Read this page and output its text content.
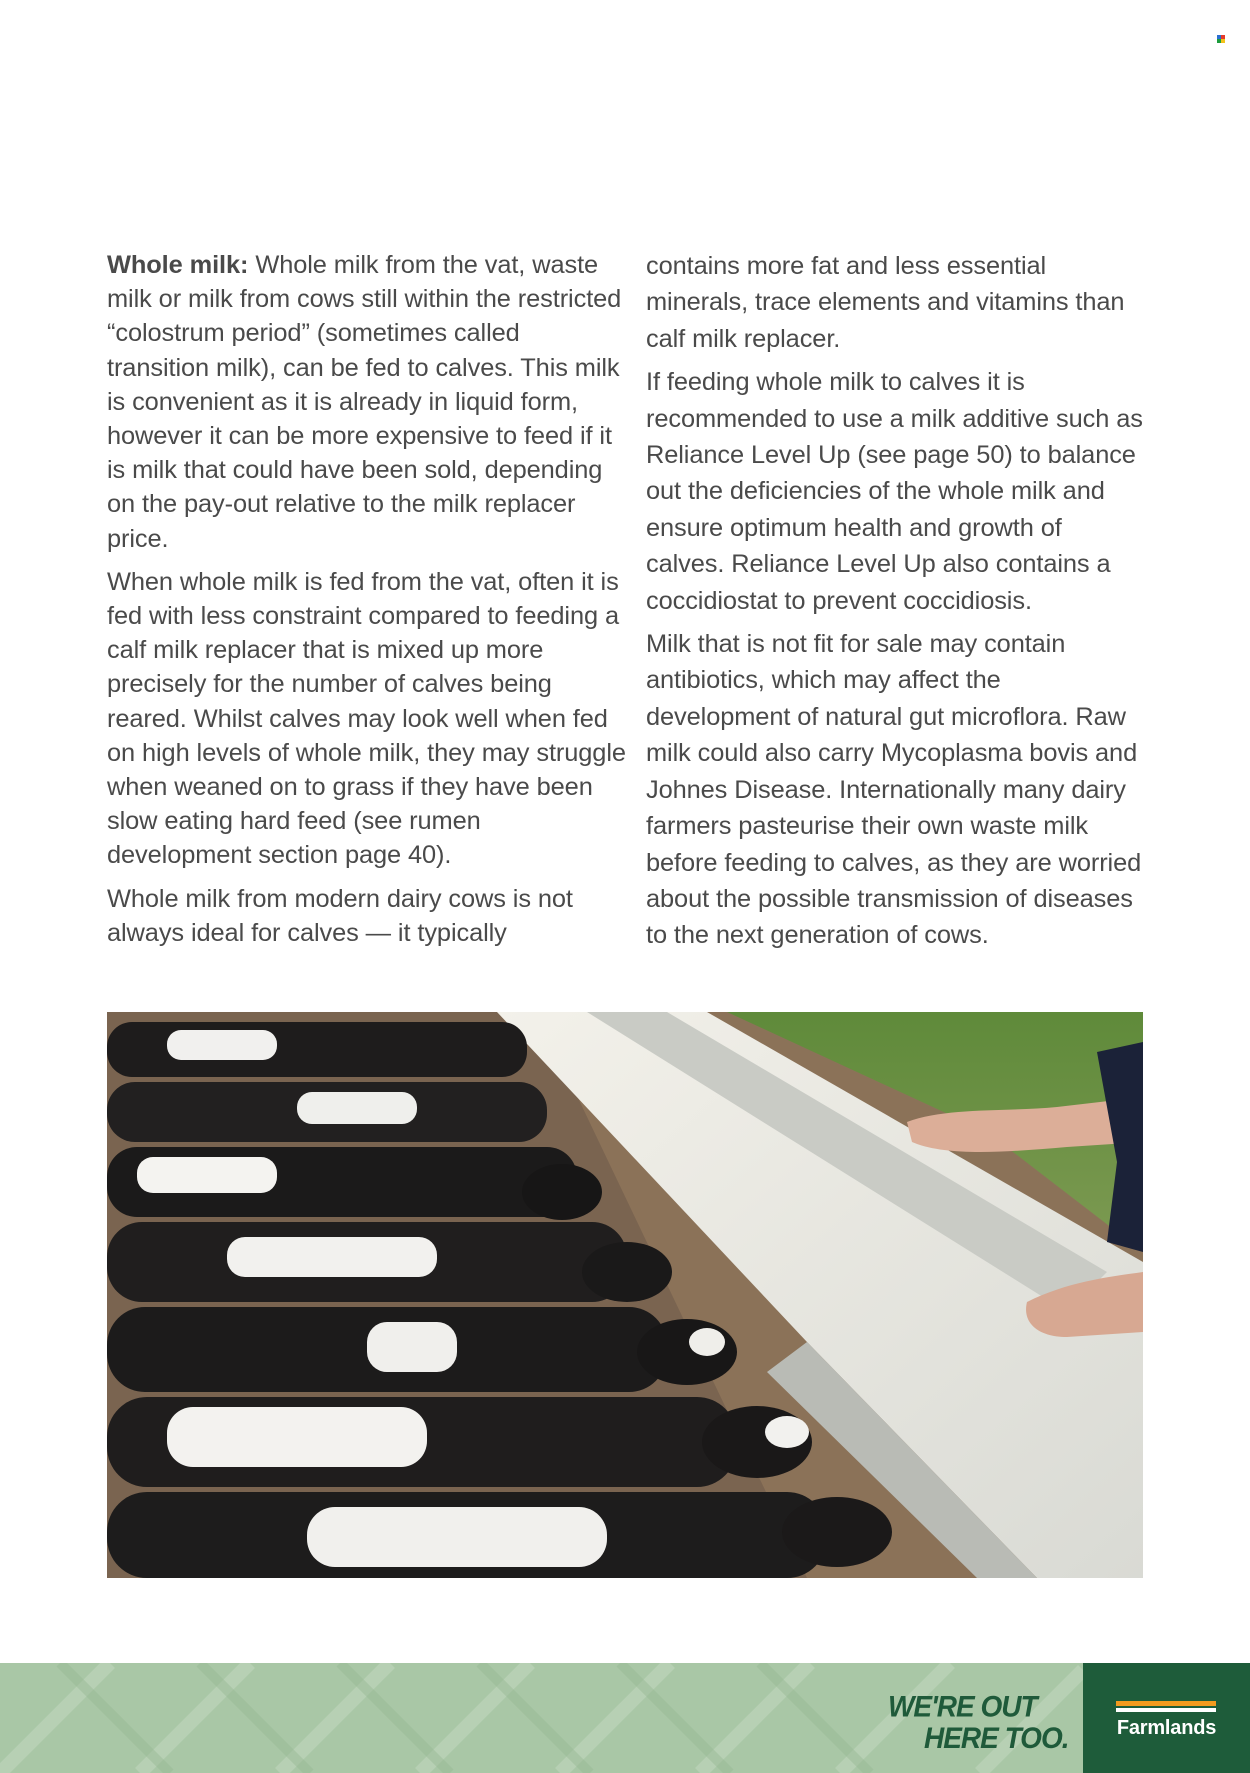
Whole milk: Whole milk from the vat, waste milk or milk from cows still within the restricted “colostrum period” (sometimes called transition milk), can be fed to calves. This milk is convenient as it is already in liquid form, however it can be more expensive to feed if it is milk that could have been sold, depending on the pay-out relative to the milk replacer price.

When whole milk is fed from the vat, often it is fed with less constraint compared to feeding a calf milk replacer that is mixed up more precisely for the number of calves being reared. Whilst calves may look well when fed on high levels of whole milk, they may struggle when weaned on to grass if they have been slow eating hard feed (see rumen development section page 40).

Whole milk from modern dairy cows is not always ideal for calves — it typically

contains more fat and less essential minerals, trace elements and vitamins than calf milk replacer.

If feeding whole milk to calves it is recommended to use a milk additive such as Reliance Level Up (see page 50) to balance out the deficiencies of the whole milk and ensure optimum health and growth of calves. Reliance Level Up also contains a coccidiostat to prevent coccidiosis.

Milk that is not fit for sale may contain antibiotics, which may affect the development of natural gut microflora. Raw milk could also carry Mycoplasma bovis and Johnes Disease. Internationally many dairy farmers pasteurise their own waste milk before feeding to calves, as they are worried about the possible transmission of diseases to the next generation of cows.

WE'RE OUT
HERE TOO.	Farmlands
